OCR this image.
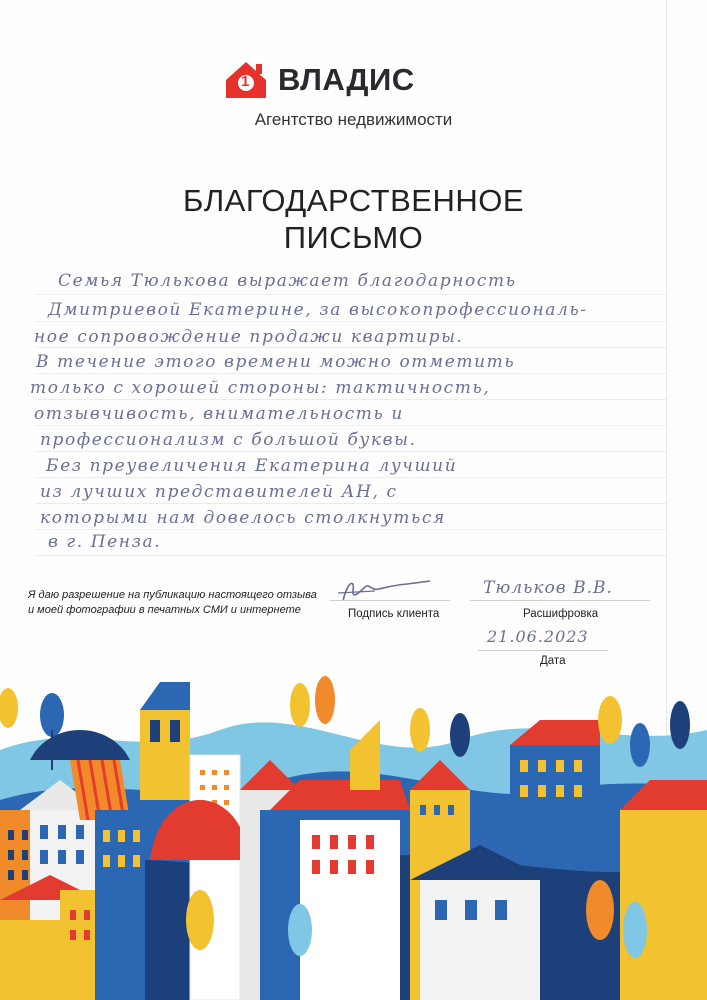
1 ВЛАДИС
Агентство недвижимости
БЛАГОДАРСТВЕННОЕ
ПИСЬМО
Семья Тюлькова выражает благодарность
Дмитриевой Екатерине, за высокопрофессиональ-
ное сопровождение продажи квартиры.
В течение этого времени можно отметить
только с хорошей стороны: тактичность,
отзывчивость, внимательность и
профессионализм с большой буквы.
Без преувеличения Екатерина лучший
из лучших представителей АН, с
которыми нам довелось столкнуться
в г. Пенза.
Я даю разрешение на публикацию настоящего отзыва
и моей фотографии в печатных СМИ и интернете	Подпись клиента
Тюльков В.В.
Расшифровка
21.06.2023
Дата
